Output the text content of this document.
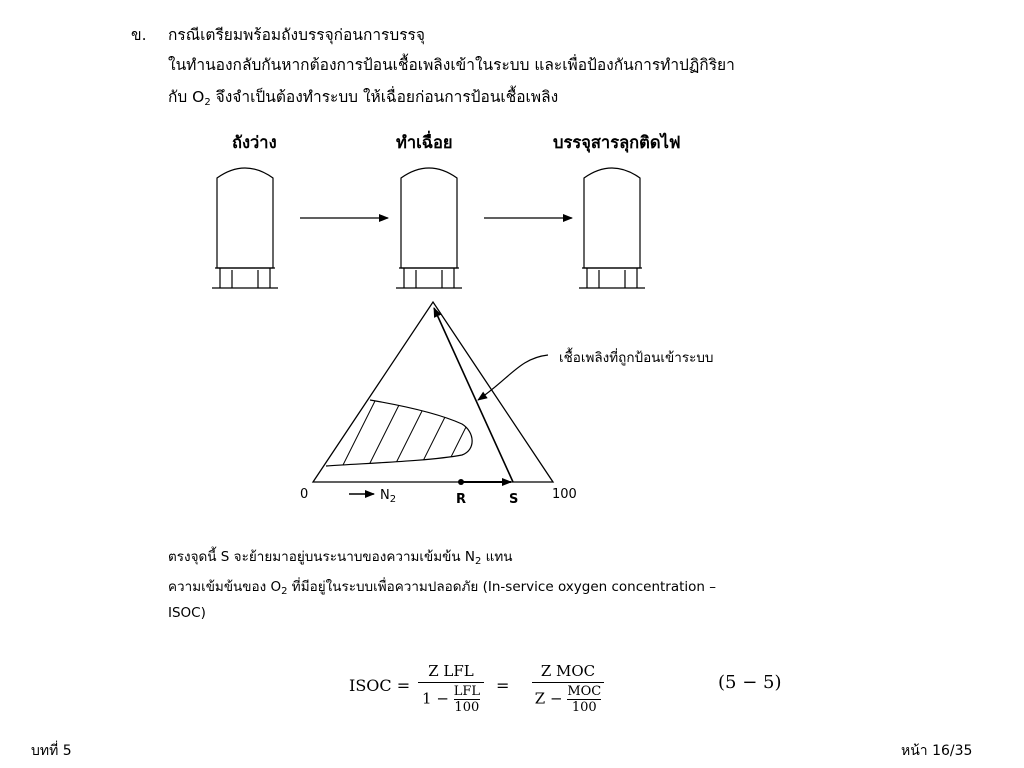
ข. กรณีเตรียมพร้อมถังบรรจุก่อนการบรรจุ
ในทำนองกลับกันหากต้องการป้อนเชื้อเพลิงเข้าในระบบ และเพื่อป้องกันการทำปฏิกิริยา
กับ $O_2$ จึงจำเป็นต้องทำระบบ ให้เฉื่อยก่อนการป้อนเชื้อเพลิง
ถังว่าง	ทำเฉื่อย	บรรจุสารลุกติดไฟ
เชื้อเพลิงที่ถูกป้อนเข้าระบบ
0	$N_2$	R	S	100
ตรงจุดนี้ S จะย้ายมาอยู่บนระนาบของความเข้มข้น $N_2$ แทน
ความเข้มข้นของ $O_2$ ที่มีอยู่ในระบบเพื่อความปลอดภัย (In-service oxygen concentration –
ISOC)
ISOC =
Z LFL
$1 - \frac{\text{LFL}}{100}$ =
Z MOC
$Z - \frac{\text{MOC}}{100}$
(5 − 5)
บทที่ 5	หน้า 16/35
